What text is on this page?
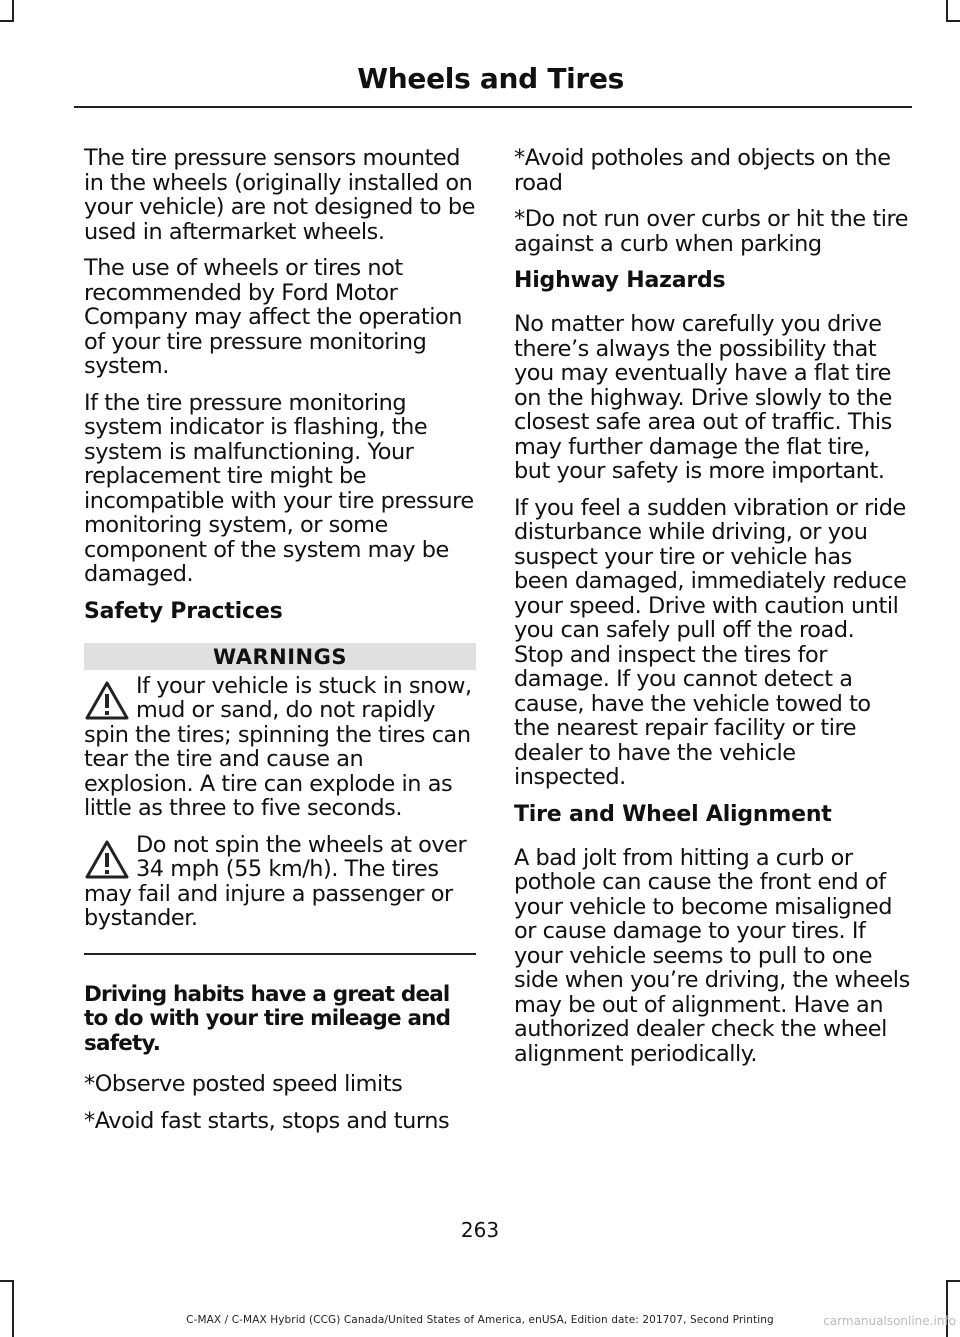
Wheels and Tires

The tire pressure sensors mounted in the wheels (originally installed on your vehicle) are not designed to be used in aftermarket wheels.

The use of wheels or tires not recommended by Ford Motor Company may affect the operation of your tire pressure monitoring system.

If the tire pressure monitoring system indicator is flashing, the system is malfunctioning. Your replacement tire might be incompatible with your tire pressure monitoring system, or some component of the system may be damaged.

Safety Practices
WARNINGS
If your vehicle is stuck in snow, mud or sand, do not rapidly spin the tires; spinning the tires can tear the tire and cause an explosion. A tire can explode in as little as three to five seconds.
Do not spin the wheels at over 34 mph (55 km/h). The tires may fail and injure a passenger or bystander.
Driving habits have a great deal to do with your tire mileage and safety.

*Observe posted speed limits

*Avoid fast starts, stops and turns

*Avoid potholes and objects on the road

*Do not run over curbs or hit the tire against a curb when parking

Highway Hazards

No matter how carefully you drive there’s always the possibility that you may eventually have a flat tire on the highway. Drive slowly to the closest safe area out of traffic. This may further damage the flat tire, but your safety is more important.

If you feel a sudden vibration or ride disturbance while driving, or you suspect your tire or vehicle has been damaged, immediately reduce your speed. Drive with caution until you can safely pull off the road. Stop and inspect the tires for damage. If you cannot detect a cause, have the vehicle towed to the nearest repair facility or tire dealer to have the vehicle inspected.

Tire and Wheel Alignment

A bad jolt from hitting a curb or pothole can cause the front end of your vehicle to become misaligned or cause damage to your tires. If your vehicle seems to pull to one side when you’re driving, the wheels may be out of alignment. Have an authorized dealer check the wheel alignment periodically.

263
C-MAX / C-MAX Hybrid (CCG) Canada/United States of America, enUSA, Edition date: 201707, Second Printing	carmanualsonline.info
